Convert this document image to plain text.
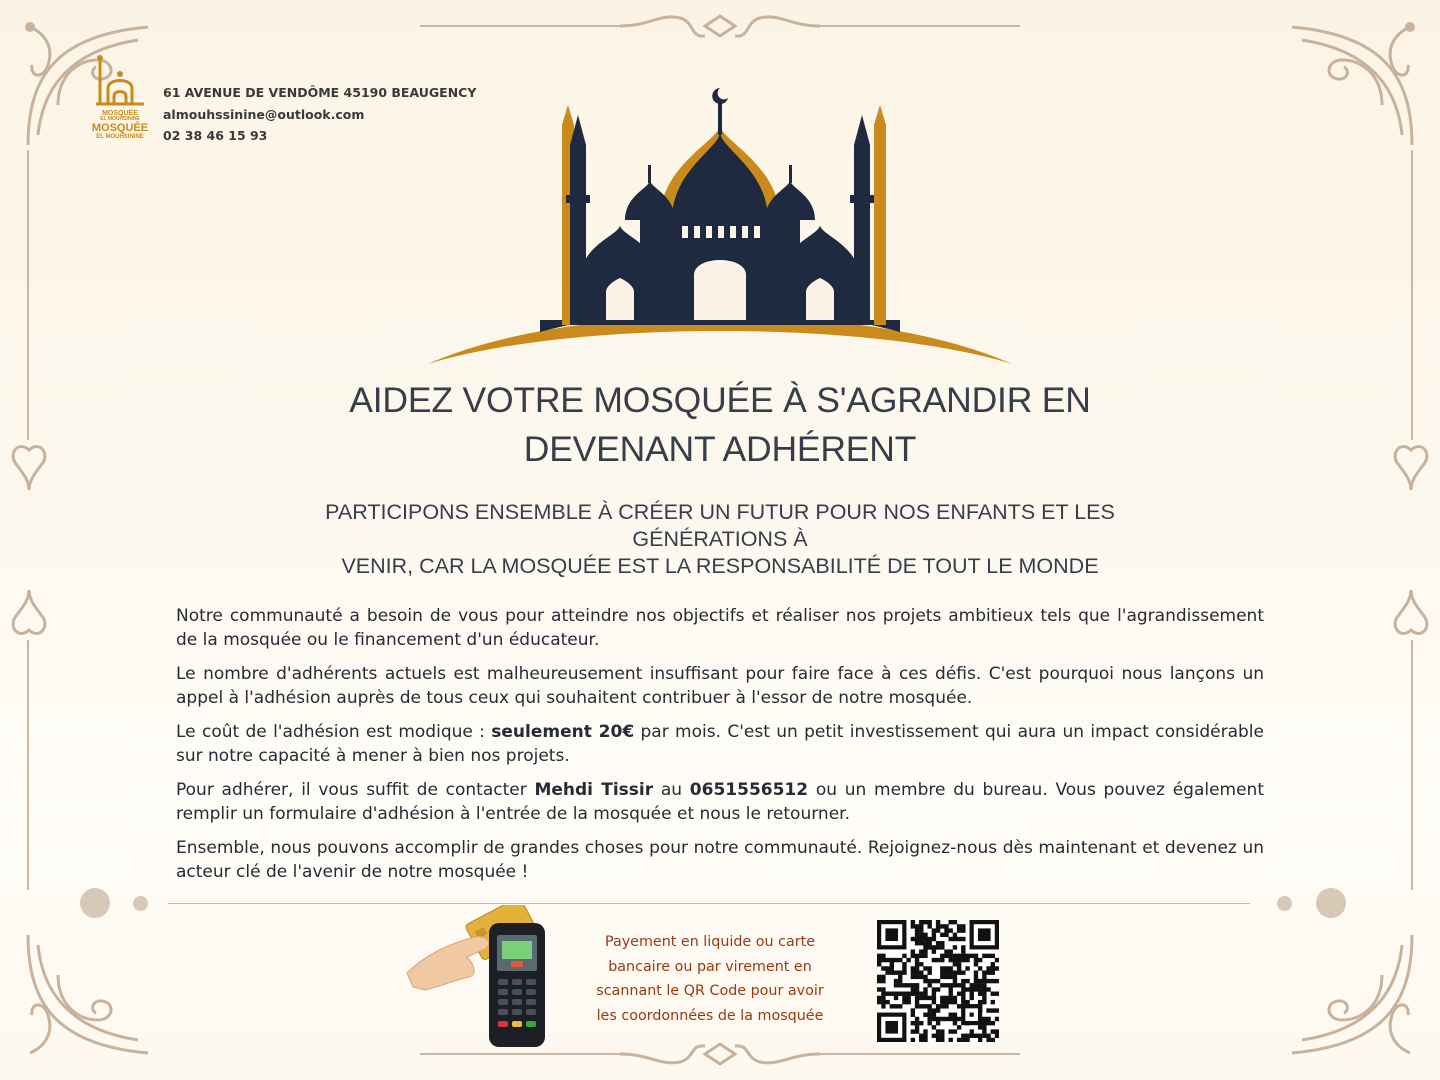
MOSQUÉE
EL MOUHSININE
MOSQUÉE
EL MOUHSININE
61 AVENUE DE VENDÔME 45190 BEAUGENCY
almouhssinine@outlook.com
02 38 46 15 93
AIDEZ VOTRE MOSQUÉE À S'AGRANDIR EN
DEVENANT ADHÉRENT
PARTICIPONS ENSEMBLE À CRÉER UN FUTUR POUR NOS ENFANTS ET LES GÉNÉRATIONS À
VENIR, CAR LA MOSQUÉE EST LA RESPONSABILITÉ DE TOUT LE MONDE

Notre communauté a besoin de vous pour atteindre nos objectifs et réaliser nos projets ambitieux tels que l'agrandissement de la mosquée ou le financement d'un éducateur.

Le nombre d'adhérents actuels est malheureusement insuffisant pour faire face à ces défis. C'est pourquoi nous lançons un appel à l'adhésion auprès de tous ceux qui souhaitent contribuer à l'essor de notre mosquée.

Le coût de l'adhésion est modique : seulement 20€ par mois. C'est un petit investissement qui aura un impact considérable sur notre capacité à mener à bien nos projets.

Pour adhérer, il vous suffit de contacter Mehdi Tissir au 0651556512 ou un membre du bureau. Vous pouvez également remplir un formulaire d'adhésion à l'entrée de la mosquée et nous le retourner.

Ensemble, nous pouvons accomplir de grandes choses pour notre communauté. Rejoignez-nous dès maintenant et devenez un acteur clé de l'avenir de notre mosquée !

Payement en liquide ou carte
bancaire ou par virement en
scannant le QR Code pour avoir
les coordonnées de la mosquée
